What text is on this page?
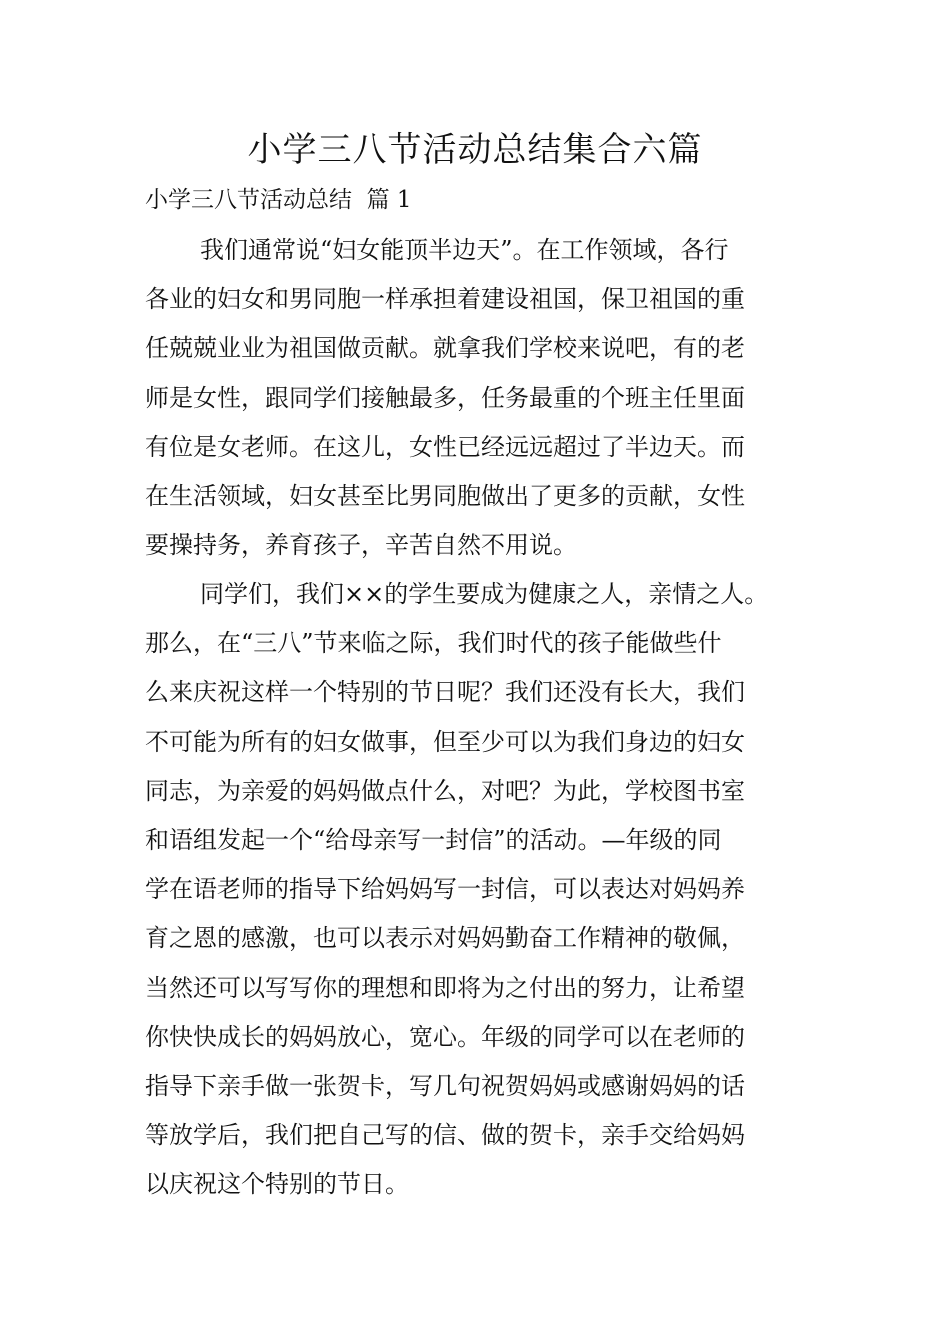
小学三八节活动总结集合六篇
小学三八节活动总结  篇 1
我们通常说“妇女能顶半边天”。在工作领域，各行
各业的妇女和男同胞一样承担着建设祖国，保卫祖国的重
任兢兢业业为祖国做贡献。就拿我们学校来说吧，有的老
师是女性，跟同学们接触最多，任务最重的个班主任里面
有位是女老师。在这儿，女性已经远远超过了半边天。而
在生活领域，妇女甚至比男同胞做出了更多的贡献，女性
要操持务，养育孩子，辛苦自然不用说。
同学们，我们××的学生要成为健康之人，亲情之人。
那么，在“三八”节来临之际，我们时代的孩子能做些什
么来庆祝这样一个特别的节日呢？我们还没有长大，我们
不可能为所有的妇女做事，但至少可以为我们身边的妇女
同志，为亲爱的妈妈做点什么，对吧？为此，学校图书室
和语组发起一个“给母亲写一封信”的活动。—年级的同
学在语老师的指导下给妈妈写一封信，可以表达对妈妈养
育之恩的感激，也可以表示对妈妈勤奋工作精神的敬佩，
当然还可以写写你的理想和即将为之付出的努力，让希望
你快快成长的妈妈放心，宽心。年级的同学可以在老师的
指导下亲手做一张贺卡，写几句祝贺妈妈或感谢妈妈的话
等放学后，我们把自己写的信、做的贺卡，亲手交给妈妈
以庆祝这个特别的节日。
